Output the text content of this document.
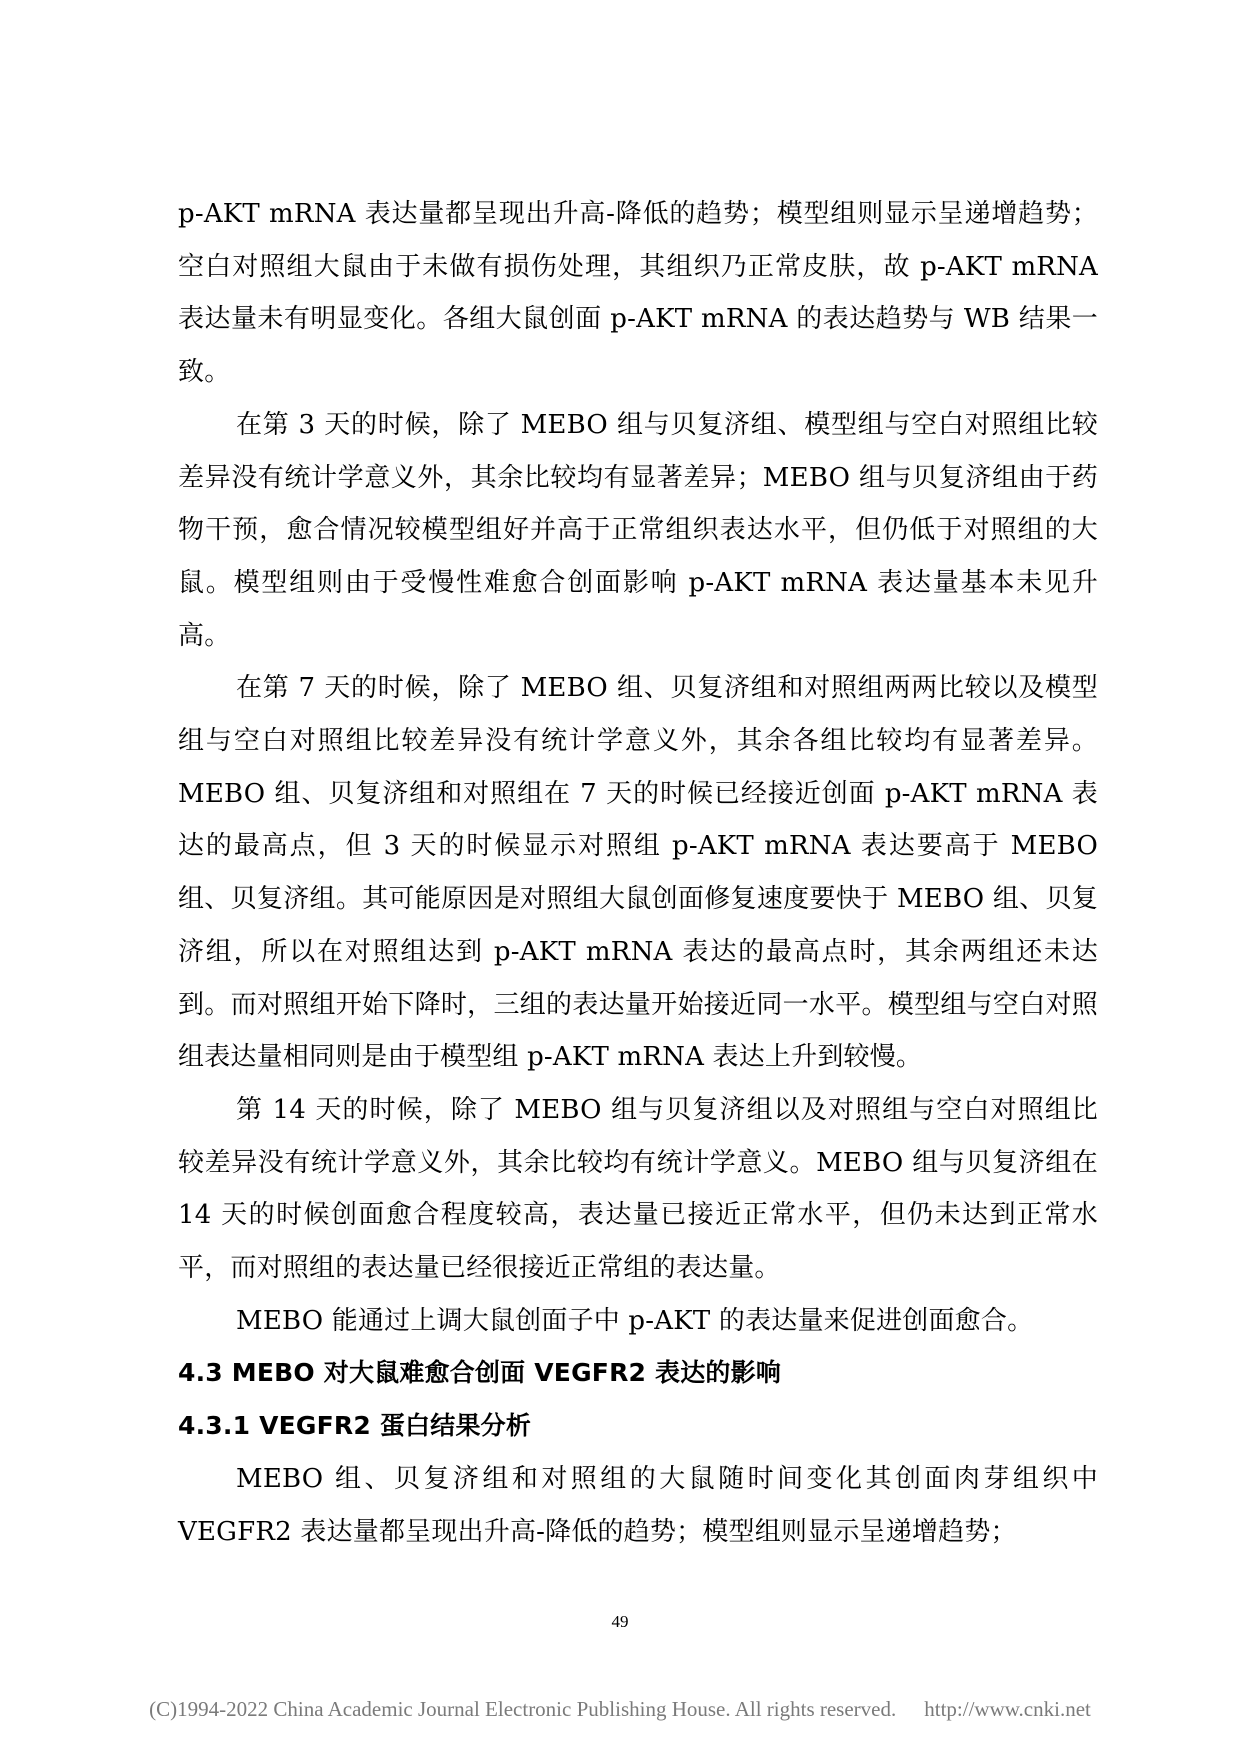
p-AKT mRNA 表达量都呈现出升高-降低的趋势；模型组则显示呈递增趋势；空白对照组大鼠由于未做有损伤处理，其组织乃正常皮肤，故 p-AKT mRNA 表达量未有明显变化。各组大鼠创面 p-AKT mRNA 的表达趋势与 WB 结果一致。

在第 3 天的时候，除了 MEBO 组与贝复济组、模型组与空白对照组比较差异没有统计学意义外，其余比较均有显著差异；MEBO 组与贝复济组由于药物干预，愈合情况较模型组好并高于正常组织表达水平，但仍低于对照组的大鼠。模型组则由于受慢性难愈合创面影响 p-AKT mRNA 表达量基本未见升高。

在第 7 天的时候，除了 MEBO 组、贝复济组和对照组两两比较以及模型组与空白对照组比较差异没有统计学意义外，其余各组比较均有显著差异。MEBO 组、贝复济组和对照组在 7 天的时候已经接近创面 p-AKT mRNA 表达的最高点，但 3 天的时候显示对照组 p-AKT mRNA 表达要高于 MEBO 组、贝复济组。其可能原因是对照组大鼠创面修复速度要快于 MEBO 组、贝复济组，所以在对照组达到 p-AKT mRNA 表达的最高点时，其余两组还未达到。而对照组开始下降时，三组的表达量开始接近同一水平。模型组与空白对照组表达量相同则是由于模型组 p-AKT mRNA 表达上升到较慢。

第 14 天的时候，除了 MEBO 组与贝复济组以及对照组与空白对照组比较差异没有统计学意义外，其余比较均有统计学意义。MEBO 组与贝复济组在 14 天的时候创面愈合程度较高，表达量已接近正常水平，但仍未达到正常水平，而对照组的表达量已经很接近正常组的表达量。

MEBO 能通过上调大鼠创面子中 p-AKT 的表达量来促进创面愈合。

4.3 MEBO 对大鼠难愈合创面 VEGFR2 表达的影响
4.3.1 VEGFR2 蛋白结果分析

MEBO 组、贝复济组和对照组的大鼠随时间变化其创面肉芽组织中 VEGFR2 表达量都呈现出升高-降低的趋势；模型组则显示呈递增趋势；

49
(C)1994-2022 China Academic Journal Electronic Publishing House. All rights reserved. http://www.cnki.net
